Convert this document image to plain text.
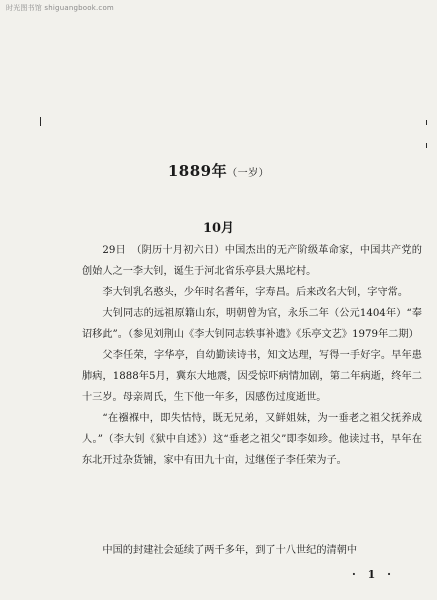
时光图书馆 shiguangbook.com
1889年（一岁）
10月

29日　（阴历十月初六日）中国杰出的无产阶级革命家，中国共产党的创始人之一李大钊，诞生于河北省乐亭县大黑坨村。

李大钊乳名憨头，少年时名耆年，字寿昌。后来改名大钊，字守常。

大钊同志的远祖原籍山东，明朝曾为官，永乐二年（公元1404年）“奉诏移此”。（参见刘荆山《李大钊同志轶事补遗》《乐亭文艺》1979年二期）

父李任荣，字华亭，自幼勤读诗书，知文达理，写得一手好字。早年患肺病，1888年5月，冀东大地震，因受惊吓病情加剧，第二年病逝，终年二十三岁。母亲周氏，生下他一年多，因感伤过度逝世。

“在襁褓中，即失怙恃，既无兄弟，又鲜姐妹，为一垂老之祖父抚养成人。”（李大钊《狱中自述》）这“垂老之祖父”即李如珍。他读过书，早年在东北开过杂货铺，家中有田九十亩，过继侄子李任荣为子。

中国的封建社会延续了两千多年，到了十八世纪的清朝中
· 1 ·
